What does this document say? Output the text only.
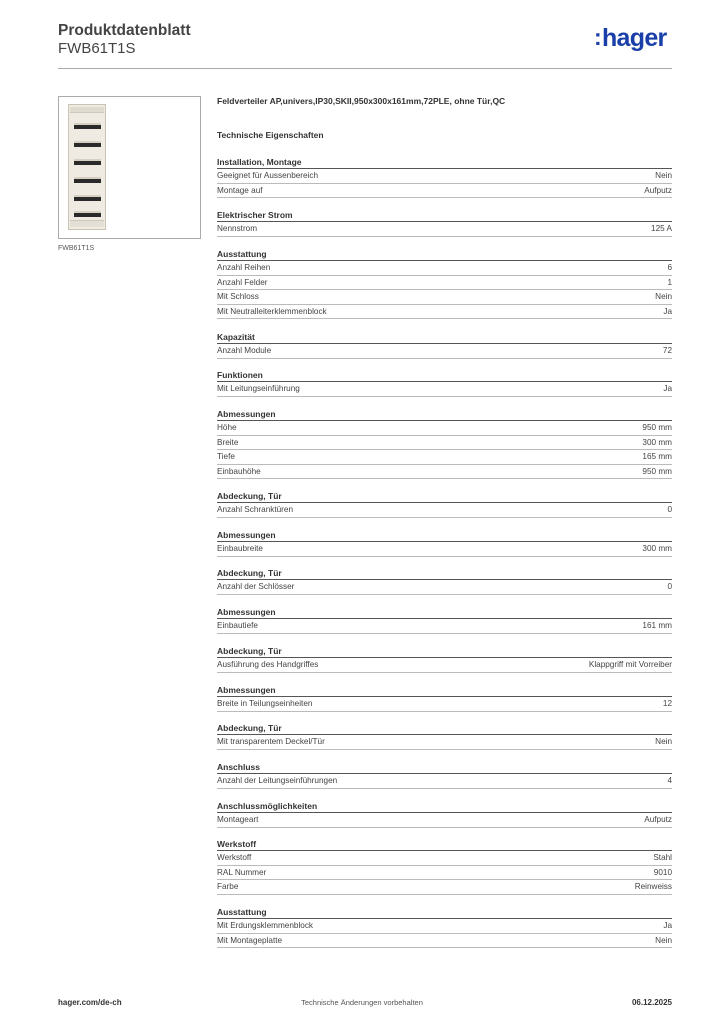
Produktdatenblatt
FWB61T1S	:hager
FWB61T1S
Feldverteiler AP,univers,IP30,SKII,950x300x161mm,72PLE, ohne Tür,QC
Technische Eigenschaften
Installation, Montage
Geeignet für Aussenbereich	Nein
Montage auf	Aufputz
Elektrischer Strom
Nennstrom	125 A
Ausstattung
Anzahl Reihen	6
Anzahl Felder	1
Mit Schloss	Nein
Mit Neutralleiterklemmenblock	Ja
Kapazität
Anzahl Module	72
Funktionen
Mit Leitungseinführung	Ja
Abmessungen
Höhe	950 mm
Breite	300 mm
Tiefe	165 mm
Einbauhöhe	950 mm
Abdeckung, Tür
Anzahl Schranktüren	0
Abmessungen
Einbaubreite	300 mm
Abdeckung, Tür
Anzahl der Schlösser	0
Abmessungen
Einbautiefe	161 mm
Abdeckung, Tür
Ausführung des Handgriffes	Klappgriff mit Vorreiber
Abmessungen
Breite in Teilungseinheiten	12
Abdeckung, Tür
Mit transparentem Deckel/Tür	Nein
Anschluss
Anzahl der Leitungseinführungen	4
Anschlussmöglichkeiten
Montageart	Aufputz
Werkstoff
Werkstoff	Stahl
RAL Nummer	9010
Farbe	Reinweiss
Ausstattung
Mit Erdungsklemmenblock	Ja
Mit Montageplatte	Nein
hager.com/de-ch	Technische Änderungen vorbehalten	06.12.2025
